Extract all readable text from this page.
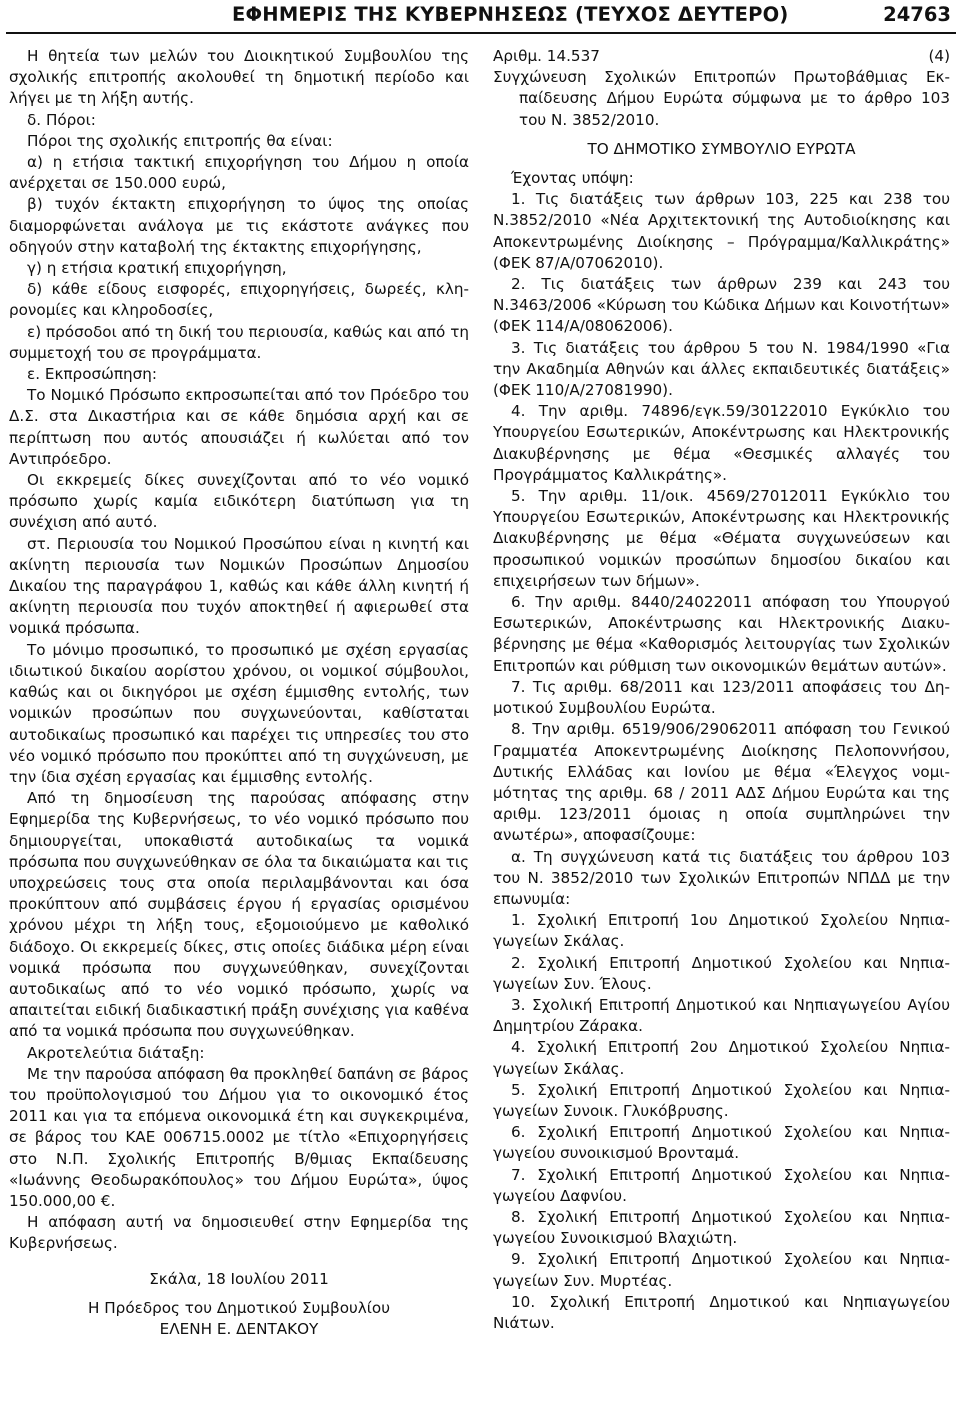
ΕΦΗΜΕΡΙΣ ΤΗΣ ΚΥΒΕΡΝΗΣΕΩΣ (ΤΕΥΧΟΣ ΔΕΥΤΕΡΟ)	24763

Η θητεία των μελών του Διοικητικού Συμβουλίου της σχολικής επιτροπής ακολουθεί τη δημοτική περίοδο και λήγει με τη λήξη αυτής.

δ. Πόροι:

Πόροι της σχολικής επιτροπής θα είναι:

α) η ετήσια τακτική επιχορήγηση του Δήμου η οποία ανέρχεται σε 150.000 ευρώ,

β) τυχόν έκτακτη επιχορήγηση το ύψος της οποίας διαμορφώνεται ανάλογα με τις εκάστοτε ανάγκες που οδηγούν στην καταβολή της έκτακτης επιχορήγησης,

γ) η ετήσια κρατική επιχορήγηση,

δ) κάθε είδους εισφορές, επιχορηγήσεις, δωρεές, κληρονομίες και κληροδοσίες,

ε) πρόσοδοι από τη δική του περιουσία, καθώς και από τη συμμετοχή του σε προγράμματα.

ε. Εκπροσώπηση:

Το Νομικό Πρόσωπο εκπροσωπείται από τον Πρόεδρο του Δ.Σ. στα Δικαστήρια και σε κάθε δημόσια αρχή και σε περίπτωση που αυτός απουσιάζει ή κωλύεται από τον Αντιπρόεδρο.

Οι εκκρεμείς δίκες συνεχίζονται από το νέο νομικό πρόσωπο χωρίς καμία ειδικότερη διατύπωση για τη συνέχιση από αυτό.

στ. Περιουσία του Νομικού Προσώπου είναι η κινητή και ακίνητη περιουσία των Νομικών Προσώπων Δημοσίου Δικαίου της παραγράφου 1, καθώς και κάθε άλλη κινητή ή ακίνητη περιουσία που τυχόν αποκτηθεί ή αφιερωθεί στα νομικά πρόσωπα.

Το μόνιμο προσωπικό, το προσωπικό με σχέση εργασίας ιδιωτικού δικαίου αορίστου χρόνου, οι νομικοί σύμβουλοι, καθώς και οι δικηγόροι με σχέση έμμισθης εντολής, των νομικών προσώπων που συγχωνεύονται, καθίσταται αυτοδικαίως προσωπικό και παρέχει τις υπηρεσίες του στο νέο νομικό πρόσωπο που προκύπτει από τη συγχώνευση, με την ίδια σχέση εργασίας και έμμισθης εντολής.

Από τη δημοσίευση της παρούσας απόφασης στην Εφημερίδα της Κυβερνήσεως, το νέο νομικό πρόσωπο που δημιουργείται, υποκαθιστά αυτοδικαίως τα νομικά πρόσωπα που συγχωνεύθηκαν σε όλα τα δικαιώματα και τις υποχρεώσεις τους στα οποία περιλαμβάνονται και όσα προκύπτουν από συμβάσεις έργου ή εργασίας ορισμένου χρόνου μέχρι τη λήξη τους, εξομοιούμενο με καθολικό διάδοχο. Οι εκκρεμείς δίκες, στις οποίες διάδικα μέρη είναι νομικά πρόσωπα που συγχωνεύθηκαν, συνεχίζονται αυτοδικαίως από το νέο νομικό πρόσωπο, χωρίς να απαιτείται ειδική διαδικαστική πράξη συνέχισης για καθένα από τα νομικά πρόσωπα που συγχωνεύθηκαν.

Ακροτελεύτια διάταξη:

Με την παρούσα απόφαση θα προκληθεί δαπάνη σε βάρος του προϋπολογισμού του Δήμου για το οικονομικό έτος 2011 και για τα επόμενα οικονομικά έτη και συγκεκριμένα, σε βάρος του ΚΑΕ 006715.0002 με τίτλο «Επιχορηγήσεις στο Ν.Π. Σχολικής Επιτροπής Β/θμιας Εκπαίδευσης «Ιωάννης Θεοδωρακόπουλος» του Δήμου Ευρώτα», ύψος 150.000,00 €.

Η απόφαση αυτή να δημοσιευθεί στην Εφημερίδα της Κυβερνήσεως.

Σκάλα, 18 Ιουλίου 2011

Η Πρόεδρος του Δημοτικού Συμβουλίου

ΕΛΕΝΗ Ε. ΔΕΝΤΑΚΟΥ

Αριθμ. 14.537	(4)

Συγχώνευση Σχολικών Επιτροπών Πρωτοβάθμιας Εκπαίδευσης Δήμου Ευρώτα σύμφωνα με το άρθρο 103 του Ν. 3852/2010.

ΤΟ ΔΗΜΟΤΙΚΟ ΣΥΜΒΟΥΛΙΟ ΕΥΡΩΤΑ

Έχοντας υπόψη:

1. Τις διατάξεις των άρθρων 103, 225 και 238 του Ν.3852/2010 «Νέα Αρχιτεκτονική της Αυτοδιοίκησης και Αποκεντρωμένης Διοίκησης – Πρόγραμμα/Καλλικράτης» (ΦΕΚ 87/Α/07062010).

2. Τις διατάξεις των άρθρων 239 και 243 του Ν.3463/2006 «Κύρωση του Κώδικα Δήμων και Κοινοτήτων» (ΦΕΚ 114/Α/08062006).

3. Τις διατάξεις του άρθρου 5 του Ν. 1984/1990 «Για την Ακαδημία Αθηνών και άλλες εκπαιδευτικές διατάξεις» (ΦΕΚ 110/Α/27081990).

4. Την αριθμ. 74896/εγκ.59/30122010 Εγκύκλιο του Υπουργείου Εσωτερικών, Αποκέντρωσης και Ηλεκτρονικής Διακυβέρνησης με θέμα «Θεσμικές αλλαγές του Προγράμματος Καλλικράτης».

5. Την αριθμ. 11/οικ. 4569/27012011 Εγκύκλιο του Υπουργείου Εσωτερικών, Αποκέντρωσης και Ηλεκτρονικής Διακυβέρνησης με θέμα «Θέματα συγχωνεύσεων και προσωπικού νομικών προσώπων δημοσίου δικαίου και επιχειρήσεων των δήμων».

6. Την αριθμ. 8440/24022011 απόφαση του Υπουργού Εσωτερικών, Αποκέντρωσης και Ηλεκτρονικής Διακυβέρνησης με θέμα «Καθορισμός λειτουργίας των Σχολικών Επιτροπών και ρύθμιση των οικονομικών θεμάτων αυτών».

7. Τις αριθμ. 68/2011 και 123/2011 αποφάσεις του Δημοτικού Συμβουλίου Ευρώτα.

8. Την αριθμ. 6519/906/29062011 απόφαση του Γενικού Γραμματέα Αποκεντρωμένης Διοίκησης Πελοποννήσου, Δυτικής Ελλάδας και Ιονίου με θέμα «Έλεγχος νομιμότητας της αριθμ. 68 / 2011 ΑΔΣ Δήμου Ευρώτα και της αριθμ. 123/2011 όμοιας η οποία συμπληρώνει την ανωτέρω», αποφασίζουμε:

α. Τη συγχώνευση κατά τις διατάξεις του άρθρου 103 του Ν. 3852/2010 των Σχολικών Επιτροπών ΝΠΔΔ με την επωνυμία:

1. Σχολική Επιτροπή 1ου Δημοτικού Σχολείου Νηπιαγωγείων Σκάλας.

2. Σχολική Επιτροπή Δημοτικού Σχολείου και Νηπιαγωγείων Συν. Έλους.

3. Σχολική Επιτροπή Δημοτικού και Νηπιαγωγείου Αγίου Δημητρίου Ζάρακα.

4. Σχολική Επιτροπή 2ου Δημοτικού Σχολείου Νηπιαγωγείων Σκάλας.

5. Σχολική Επιτροπή Δημοτικού Σχολείου και Νηπιαγωγείων Συνοικ. Γλυκόβρυσης.

6. Σχολική Επιτροπή Δημοτικού Σχολείου και Νηπιαγωγείου συνοικισμού Βρονταμά.

7. Σχολική Επιτροπή Δημοτικού Σχολείου και Νηπιαγωγείου Δαφνίου.

8. Σχολική Επιτροπή Δημοτικού Σχολείου και Νηπιαγωγείου Συνοικισμού Βλαχιώτη.

9. Σχολική Επιτροπή Δημοτικού Σχολείου και Νηπιαγωγείων Συν. Μυρτέας.

10. Σχολική Επιτροπή Δημοτικού και Νηπιαγωγείου Νιάτων.
